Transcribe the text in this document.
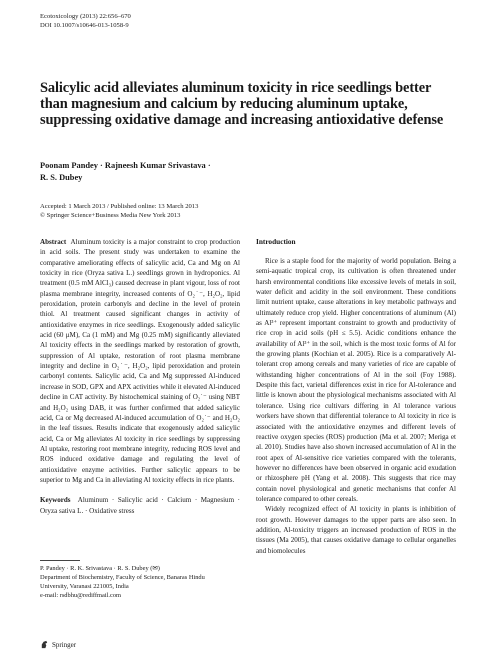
Ecotoxicology (2013) 22:656–670
DOI 10.1007/s10646-013-1058-9
Salicylic acid alleviates aluminum toxicity in rice seedlings better than magnesium and calcium by reducing aluminum uptake, suppressing oxidative damage and increasing antioxidative defense
Poonam Pandey · Rajneesh Kumar Srivastava ·
R. S. Dubey
Accepted: 1 March 2013 / Published online: 13 March 2013
© Springer Science+Business Media New York 2013

Abstract Aluminum toxicity is a major constraint to crop production in acid soils. The present study was undertaken to examine the comparative ameliorating effects of salicylic acid, Ca and Mg on Al toxicity in rice (Oryza sativa L.) seedlings grown in hydroponics. Al treatment (0.5 mM AlCl₃) caused decrease in plant vigour, loss of root plasma membrane integrity, increased contents of O₂˙⁻, H₂O₂, lipid peroxidation, protein carbonyls and decline in the level of protein thiol. Al treatment caused significant changes in activity of antioxidative enzymes in rice seedlings. Exogenously added salicylic acid (60 μM), Ca (1 mM) and Mg (0.25 mM) significantly alleviated Al toxicity effects in the seedlings marked by restoration of growth, suppression of Al uptake, restoration of root plasma membrane integrity and decline in O₂˙⁻, H₂O₂, lipid peroxidation and protein carbonyl contents. Salicylic acid, Ca and Mg suppressed Al-induced increase in SOD, GPX and APX activities while it elevated Al-induced decline in CAT activity. By histochemical staining of O₂˙⁻ using NBT and H₂O₂ using DAB, it was further confirmed that added salicylic acid, Ca or Mg decreased Al-induced accumulation of O₂˙⁻ and H₂O₂ in the leaf tissues. Results indicate that exogenously added salicylic acid, Ca or Mg alleviates Al toxicity in rice seedlings by suppressing Al uptake, restoring root membrane integrity, reducing ROS level and ROS induced oxidative damage and regulating the level of antioxidative enzyme activities. Further salicylic appears to be superior to Mg and Ca in alleviating Al toxicity effects in rice plants.

Keywords Aluminum · Salicylic acid · Calcium · Magnesium · Oryza sativa L. · Oxidative stress

Introduction

Rice is a staple food for the majority of world population. Being a semi-aquatic tropical crop, its cultivation is often threatened under harsh environmental conditions like excessive levels of metals in soil, water deficit and acidity in the soil environment. These conditions limit nutrient uptake, cause alterations in key metabolic pathways and ultimately reduce crop yield. Higher concentrations of aluminum (Al) as Al³⁺ represent important constraint to growth and productivity of rice crop in acid soils (pH ≤ 5.5). Acidic conditions enhance the availability of Al³⁺ in the soil, which is the most toxic forms of Al for the growing plants (Kochian et al. 2005). Rice is a comparatively Al-tolerant crop among cereals and many varieties of rice are capable of withstanding higher concentrations of Al in the soil (Foy 1988). Despite this fact, varietal differences exist in rice for Al-tolerance and little is known about the physiological mechanisms associated with Al tolerance. Using rice cultivars differing in Al tolerance various workers have shown that differential tolerance to Al toxicity in rice is associated with the antioxidative enzymes and different levels of reactive oxygen species (ROS) production (Ma et al. 2007; Meriga et al. 2010). Studies have also shown increased accumulation of Al in the root apex of Al-sensitive rice varieties compared with the tolerants, however no differences have been observed in organic acid exudation or rhizosphere pH (Yang et al. 2008). This suggests that rice may contain novel physiological and genetic mechanisms that confer Al tolerance compared to other cereals.

Widely recognized effect of Al toxicity in plants is inhibition of root growth. However damages to the upper parts are also seen. In addition, Al-toxicity triggers an increased production of ROS in the tissues (Ma 2005), that causes oxidative damage to cellular organelles and biomolecules

P. Pandey · R. K. Srivastava · R. S. Dubey (✉)
Department of Biochemistry, Faculty of Science, Banaras Hindu
University, Varanasi 221005, India
e-mail: rsdbhu@rediffmail.com
Springer
